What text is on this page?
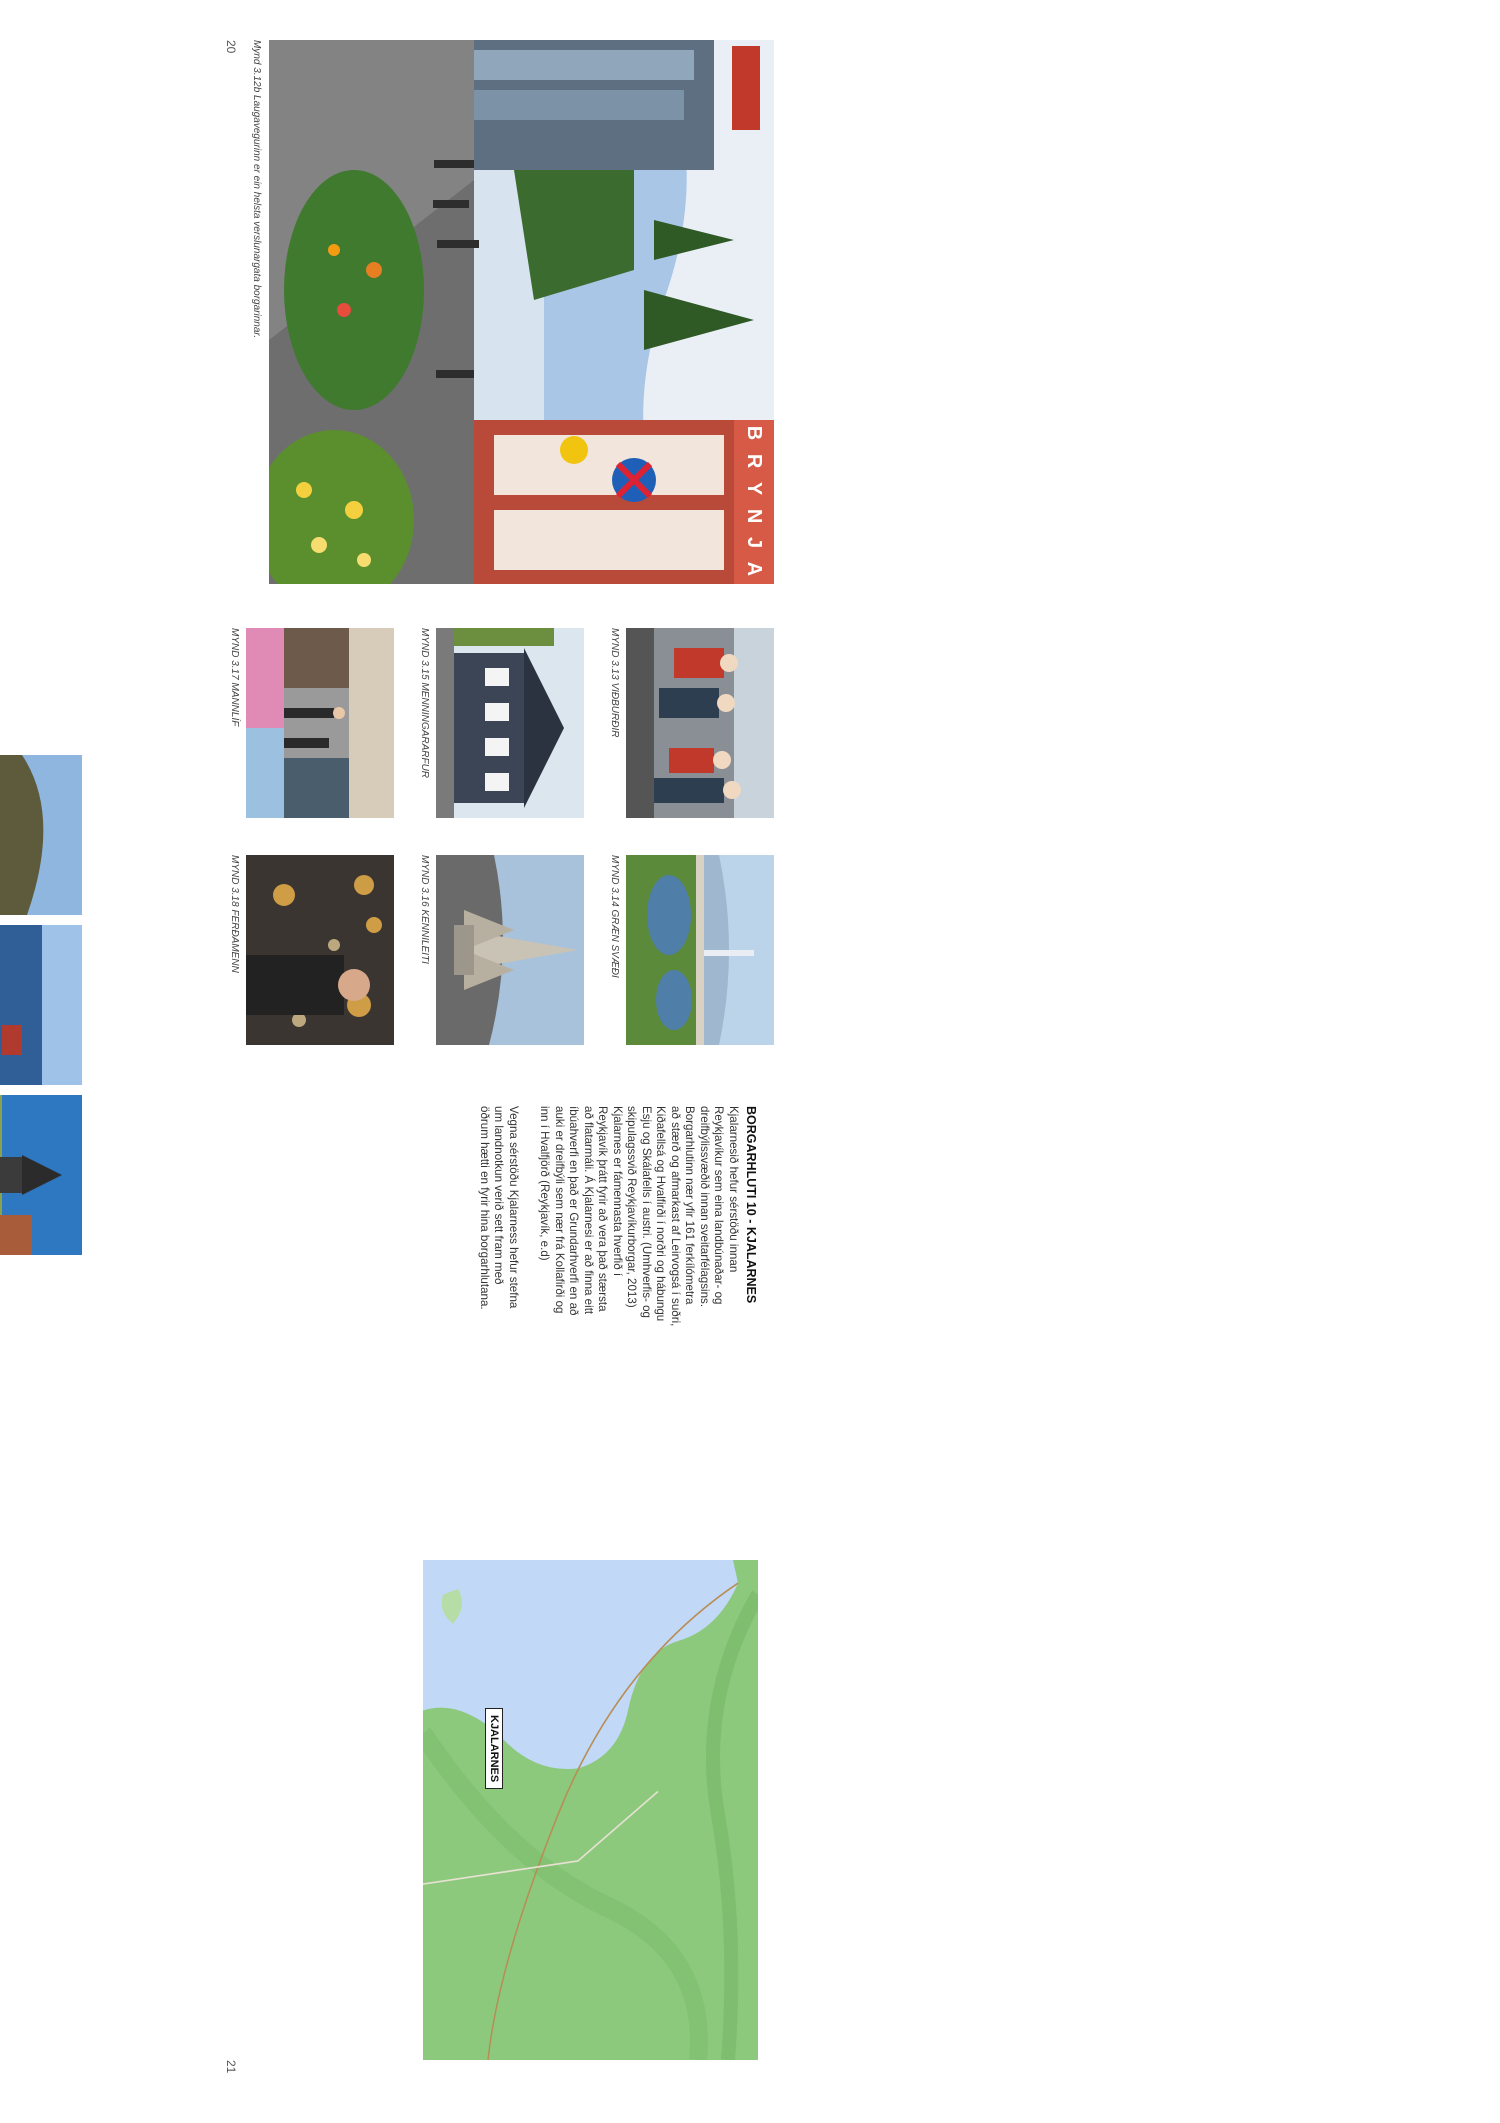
B
R
Y
N
J
A
Mynd 3.12b Laugavegurinn er ein helsta verslunargata borgarinnar.
20
MYND 3.13 VIÐBURÐIR
MYND 3.14 GRÆN SVÆÐI
MYND 3.15 MENNINGARARFUR
MYND 3.16 KENNILEITI
MYND 3.17 MANNLÍF
MYND 3.18 FERÐAMENN
KJALARNES
BORGARHLUTI 10 - KJALARNES
Kjalarnesið hefur sérstöðu innan
Reykjavíkur sem eina landbúnaðar- og
dreifbýlissvæðið innan sveitarfélagsins.
Borgarhlutinn nær yfir 161 ferkílómetra
að stærð og afmarkast af Leirvogsá í suðri,
Kiðafellsá og Hvalfirði í norðri og hábungu
Esju og Skálafells í austri. (Umhverfis- og
skipulagssvið Reykjavíkurborgar, 2013)
Kjalarnes er fámennasta hverfið í
Reykjavík þrátt fyrir að vera það stærsta
að flatarmáli. Á Kjalarnesi er að finna eitt
íbúahverfi en það er Grundarhverfi en að
auki er dreifbýli sem nær frá Kollafirði og
inn í Hvalfjörð (Reykjavík, e.d)
Vegna sérstöðu Kjalarness hefur stefna
um landnotkun verið sett fram með
öðrum hætti en fyrir hina borgarhlutana.
21
